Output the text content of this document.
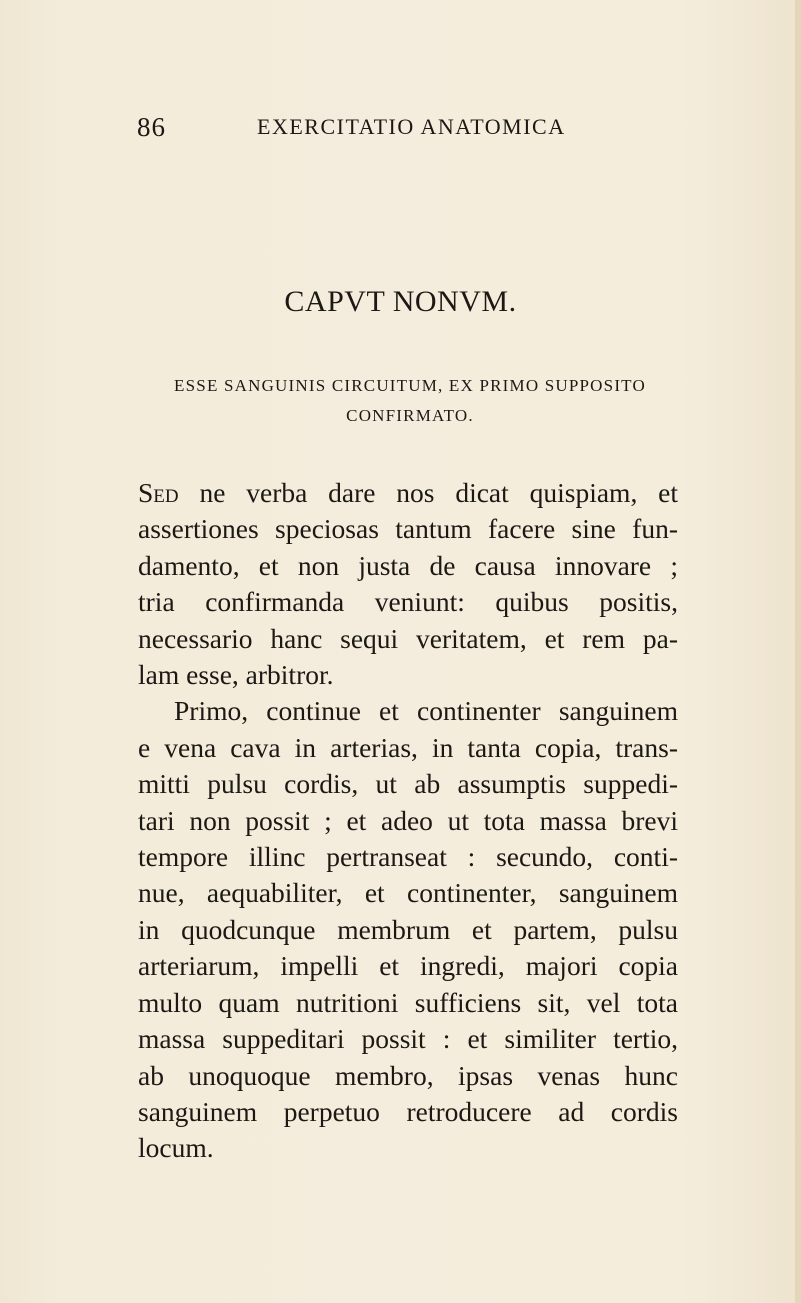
86	EXERCITATIO ANATOMICA
CAPVT NONVM.
ESSE SANGUINIS CIRCUITUM, EX PRIMO SUPPOSITO
CONFIRMATO.
Sed ne verba dare nos dicat quispiam, et
assertiones speciosas tantum facere sine fun-
damento, et non justa de causa innovare ;
tria confirmanda veniunt: quibus positis,
necessario hanc sequi veritatem, et rem pa-
lam esse, arbitror.
Primo, continue et continenter sanguinem
e vena cava in arterias, in tanta copia, trans-
mitti pulsu cordis, ut ab assumptis suppedi-
tari non possit ; et adeo ut tota massa brevi
tempore illinc pertranseat : secundo, conti-
nue, aequabiliter, et continenter, sanguinem
in quodcunque membrum et partem, pulsu
arteriarum, impelli et ingredi, majori copia
multo quam nutritioni sufficiens sit, vel tota
massa suppeditari possit : et similiter tertio,
ab unoquoque membro, ipsas venas hunc
sanguinem perpetuo retroducere ad cordis
locum.
